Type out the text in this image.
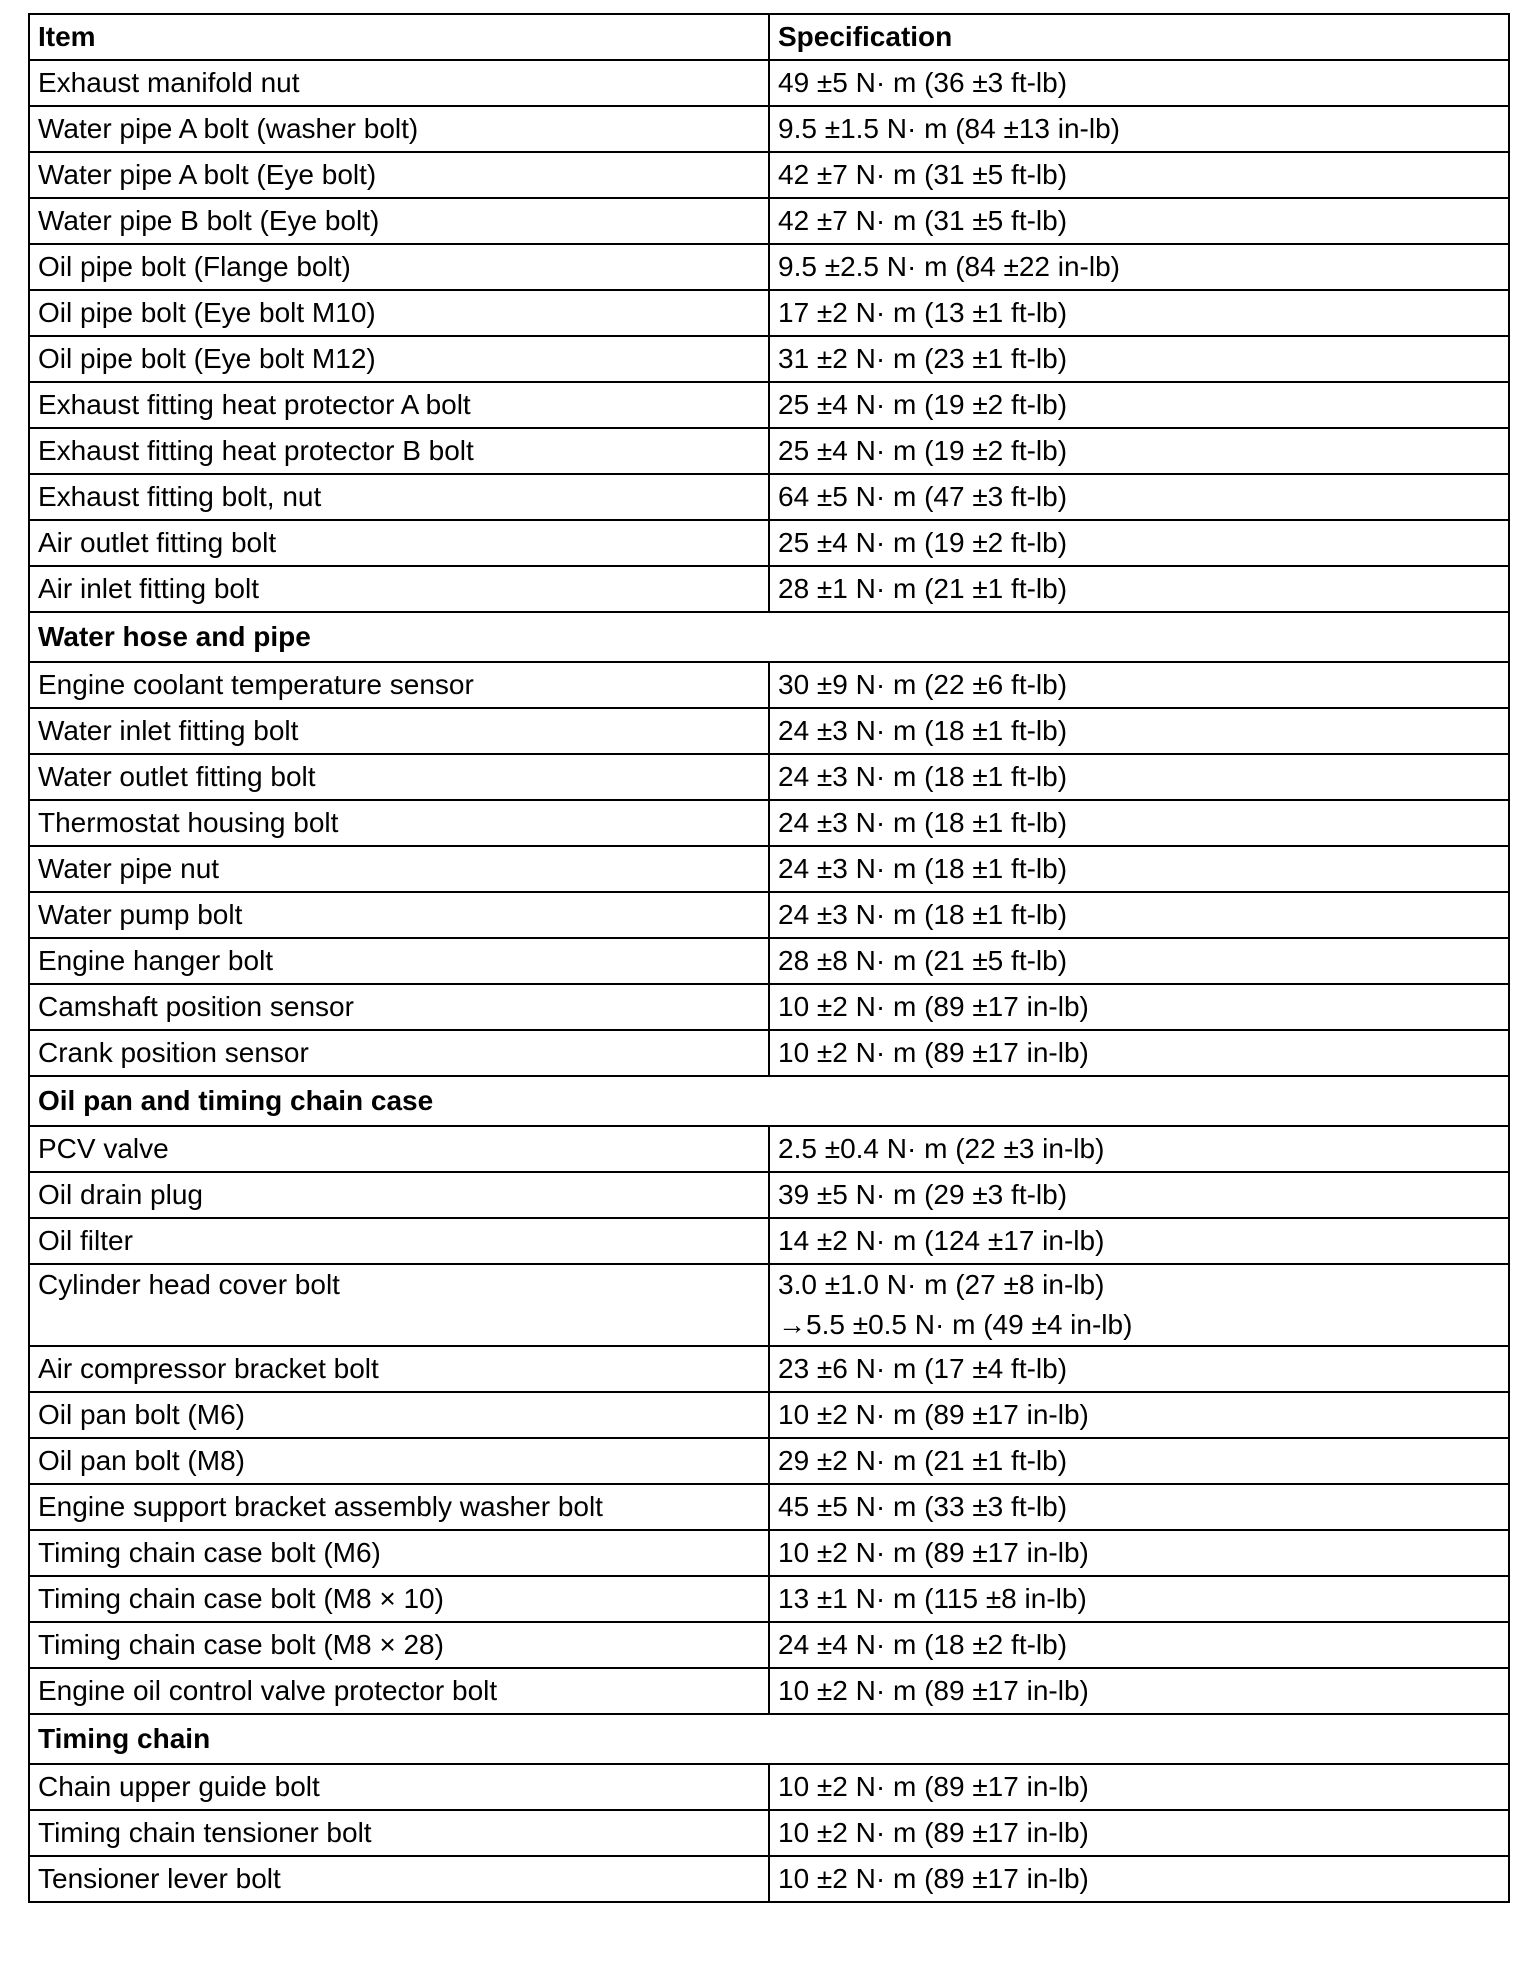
Item	Specification
Exhaust manifold nut	49 ±5 N· m (36 ±3 ft-lb)

Water pipe A bolt (washer bolt)	9.5 ±1.5 N· m (84 ±13 in-lb)

Water pipe A bolt (Eye bolt)	42 ±7 N· m (31 ±5 ft-lb)

Water pipe B bolt (Eye bolt)	42 ±7 N· m (31 ±5 ft-lb)

Oil pipe bolt (Flange bolt)	9.5 ±2.5 N· m (84 ±22 in-lb)

Oil pipe bolt (Eye bolt M10)	17 ±2 N· m (13 ±1 ft-lb)

Oil pipe bolt (Eye bolt M12)	31 ±2 N· m (23 ±1 ft-lb)

Exhaust fitting heat protector A bolt	25 ±4 N· m (19 ±2 ft-lb)

Exhaust fitting heat protector B bolt	25 ±4 N· m (19 ±2 ft-lb)

Exhaust fitting bolt, nut	64 ±5 N· m (47 ±3 ft-lb)

Air outlet fitting bolt	25 ±4 N· m (19 ±2 ft-lb)

Air inlet fitting bolt	28 ±1 N· m (21 ±1 ft-lb)

Water hose and pipe	
Engine coolant temperature sensor	30 ±9 N· m (22 ±6 ft-lb)

Water inlet fitting bolt	24 ±3 N· m (18 ±1 ft-lb)

Water outlet fitting bolt	24 ±3 N· m (18 ±1 ft-lb)

Thermostat housing bolt	24 ±3 N· m (18 ±1 ft-lb)

Water pipe nut	24 ±3 N· m (18 ±1 ft-lb)

Water pump bolt	24 ±3 N· m (18 ±1 ft-lb)

Engine hanger bolt	28 ±8 N· m (21 ±5 ft-lb)

Camshaft position sensor	10 ±2 N· m (89 ±17 in-lb)

Crank position sensor	10 ±2 N· m (89 ±17 in-lb)

Oil pan and timing chain case	
PCV valve	2.5 ±0.4 N· m (22 ±3 in-lb)

Oil drain plug	39 ±5 N· m (29 ±3 ft-lb)

Oil filter	14 ±2 N· m (124 ±17 in-lb)

Cylinder head cover bolt	3.0 ±1.0 N· m (27 ±8 in-lb)
→5.5 ±0.5 N· m (49 ±4 in-lb)

Air compressor bracket bolt	23 ±6 N· m (17 ±4 ft-lb)

Oil pan bolt (M6)	10 ±2 N· m (89 ±17 in-lb)

Oil pan bolt (M8)	29 ±2 N· m (21 ±1 ft-lb)

Engine support bracket assembly washer bolt	45 ±5 N· m (33 ±3 ft-lb)

Timing chain case bolt (M6)	10 ±2 N· m (89 ±17 in-lb)

Timing chain case bolt (M8 × 10)	13 ±1 N· m (115 ±8 in-lb)

Timing chain case bolt (M8 × 28)	24 ±4 N· m (18 ±2 ft-lb)

Engine oil control valve protector bolt	10 ±2 N· m (89 ±17 in-lb)

Timing chain	
Chain upper guide bolt	10 ±2 N· m (89 ±17 in-lb)

Timing chain tensioner bolt	10 ±2 N· m (89 ±17 in-lb)

Tensioner lever bolt	10 ±2 N· m (89 ±17 in-lb)
